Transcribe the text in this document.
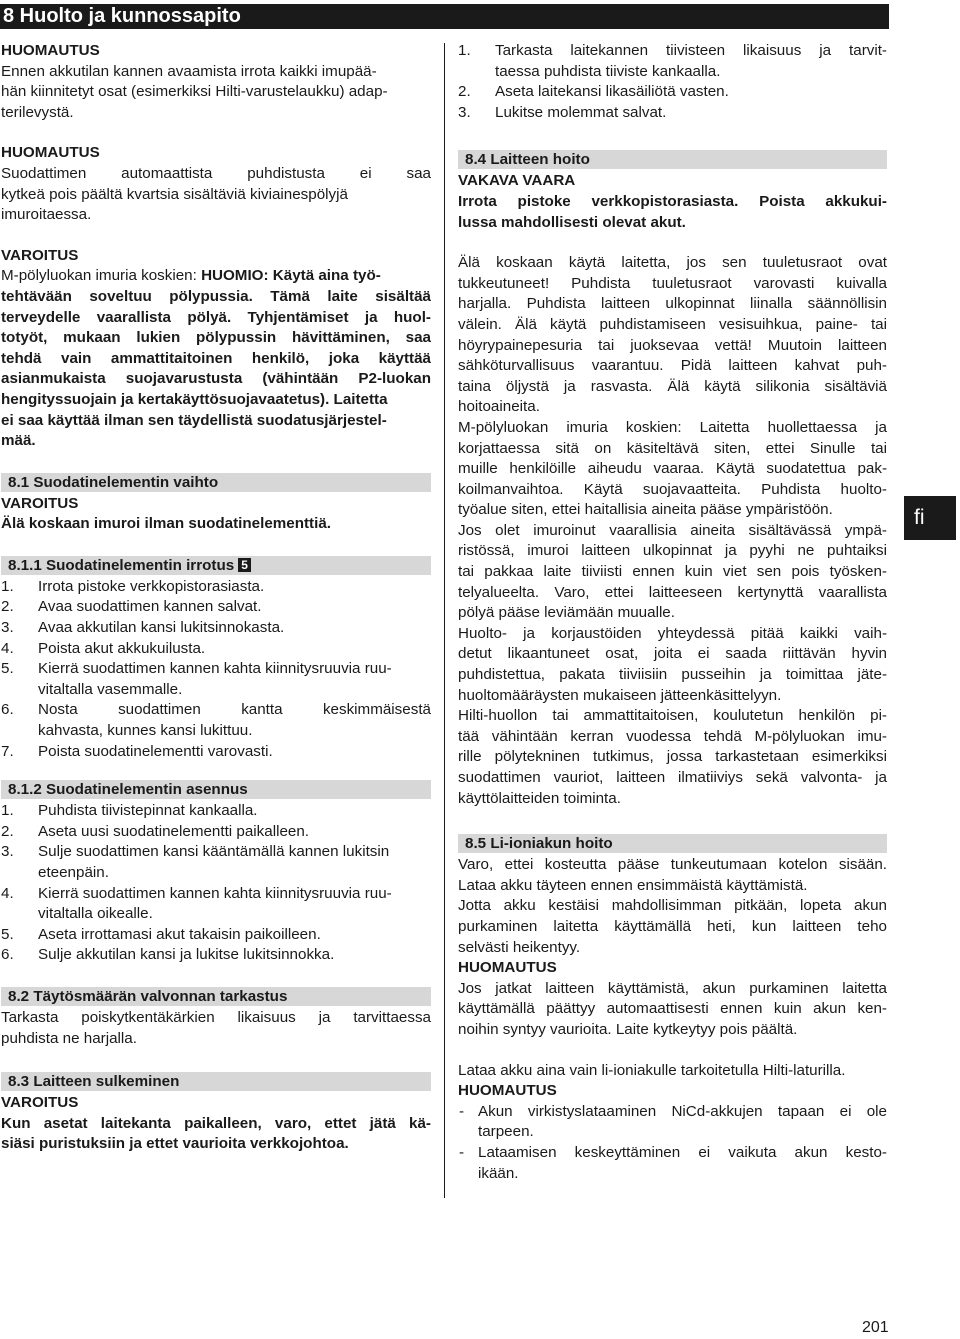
8 Huolto ja kunnossapito

HUOMAUTUS

Ennen akkutilan kannen avaamista irrota kaikki imupää-

hän kiinnitetyt osat (esimerkiksi Hilti-varustelaukku) adap-

terilevystä.

HUOMAUTUS

Suodattimen automaattista puhdistusta ei saa

kytkeä pois päältä kvartsia sisältäviä kiviainespölyjä

imuroitaessa.

VAROITUS

M-pölyluokan imuria koskien: HUOMIO: Käytä aina työ-

tehtävään soveltuu pölypussia. Tämä laite sisältää

terveydelle vaarallista pölyä. Tyhjentämiset ja huol-

totyöt, mukaan lukien pölypussin hävittäminen, saa

tehdä vain ammattitaitoinen henkilö, joka käyttää

asianmukaista suojavarustusta (vähintään P2-luokan

hengityssuojain ja kertakäyttösuojavaatetus). Laitetta

ei saa käyttää ilman sen täydellistä suodatusjärjestel-

mää.

8.1 Suodatinelementin vaihto

VAROITUS

Älä koskaan imuroi ilman suodatinelementtiä.

8.1.1 Suodatinelementin irrotus 5
1. Irrota pistoke verkkopistorasiasta.
2. Avaa suodattimen kannen salvat.
3. Avaa akkutilan kansi lukitsinnokasta.
4. Poista akut akkukuilusta.
5. Kierrä suodattimen kannen kahta kiinnitysruuvia ruu-
vitaltalla vasemmalle.
6. Nosta suodattimen kantta keskimmäisestä
kahvasta, kunnes kansi lukittuu.
7. Poista suodatinelementti varovasti.
8.1.2 Suodatinelementin asennus
1. Puhdista tiivistepinnat kankaalla.
2. Aseta uusi suodatinelementti paikalleen.
3. Sulje suodattimen kansi kääntämällä kannen lukitsin
eteenpäin.
4. Kierrä suodattimen kannen kahta kiinnitysruuvia ruu-
vitaltalla oikealle.
5. Aseta irrottamasi akut takaisin paikoilleen.
6. Sulje akkutilan kansi ja lukitse lukitsinnokka.
8.2 Täytösmäärän valvonnan tarkastus

Tarkasta poiskytkentäkärkien likaisuus ja tarvittaessa

puhdista ne harjalla.

8.3 Laitteen sulkeminen

VAROITUS

Kun asetat laitekanta paikalleen, varo, ettet jätä kä-

siäsi puristuksiin ja ettet vaurioita verkkojohtoa.

1. Tarkasta laitekannen tiivisteen likaisuus ja tarvit-
taessa puhdista tiiviste kankaalla.
2. Aseta laitekansi likasäiliötä vasten.
3. Lukitse molemmat salvat.
8.4 Laitteen hoito

VAKAVA VAARA

Irrota pistoke verkkopistorasiasta. Poista akkukui-

lussa mahdollisesti olevat akut.

Älä koskaan käytä laitetta, jos sen tuuletusraot ovat

tukkeutuneet! Puhdista tuuletusraot varovasti kuivalla

harjalla. Puhdista laitteen ulkopinnat liinalla säännöllisin

välein. Älä käytä puhdistamiseen vesisuihkua, paine- tai

höyrypainepesuria tai juoksevaa vettä! Muutoin laitteen

sähköturvallisuus vaarantuu. Pidä laitteen kahvat puh-

taina öljystä ja rasvasta. Älä käytä silikonia sisältäviä

hoitoaineita.

M-pölyluokan imuria koskien: Laitetta huollettaessa ja

korjattaessa sitä on käsiteltävä siten, ettei Sinulle tai

muille henkilöille aiheudu vaaraa. Käytä suodatettua pak-

koilmanvaihtoa. Käytä suojavaatteita. Puhdista huolto-

työalue siten, ettei haitallisia aineita pääse ympäristöön.

Jos olet imuroinut vaarallisia aineita sisältävässä ympä-

ristössä, imuroi laitteen ulkopinnat ja pyyhi ne puhtaiksi

tai pakkaa laite tiiviisti ennen kuin viet sen pois työsken-

telyalueelta. Varo, ettei laitteeseen kertynyttä vaarallista

pölyä pääse leviämään muualle.

Huolto- ja korjaustöiden yhteydessä pitää kaikki vaih-

detut likaantuneet osat, joita ei saada riittävän hyvin

puhdistettua, pakata tiiviisiin pusseihin ja toimittaa jäte-

huoltomääräysten mukaiseen jätteenkäsittelyyn.

Hilti-huollon tai ammattitaitoisen, koulutetun henkilön pi-

tää vähintään kerran vuodessa tehdä M-pölyluokan imu-

rille pölytekninen tutkimus, jossa tarkastetaan esimerkiksi

suodattimen vauriot, laitteen ilmatiiviys sekä valvonta- ja

käyttölaitteiden toiminta.

8.5 Li-ioniakun hoito

Varo, ettei kosteutta pääse tunkeutumaan kotelon sisään.

Lataa akku täyteen ennen ensimmäistä käyttämistä.

Jotta akku kestäisi mahdollisimman pitkään, lopeta akun

purkaminen laitetta käyttämällä heti, kun laitteen teho

selvästi heikentyy.

HUOMAUTUS

Jos jatkat laitteen käyttämistä, akun purkaminen laitetta

käyttämällä päättyy automaattisesti ennen kuin akun ken-

noihin syntyy vaurioita. Laite kytkeytyy pois päältä.

Lataa akku aina vain li-ioniakulle tarkoitetulla Hilti-laturilla.

HUOMAUTUS

- Akun virkistyslataaminen NiCd-akkujen tapaan ei ole
tarpeen.
- Lataamisen keskeyttäminen ei vaikuta akun kesto-
ikään.
fi
201
